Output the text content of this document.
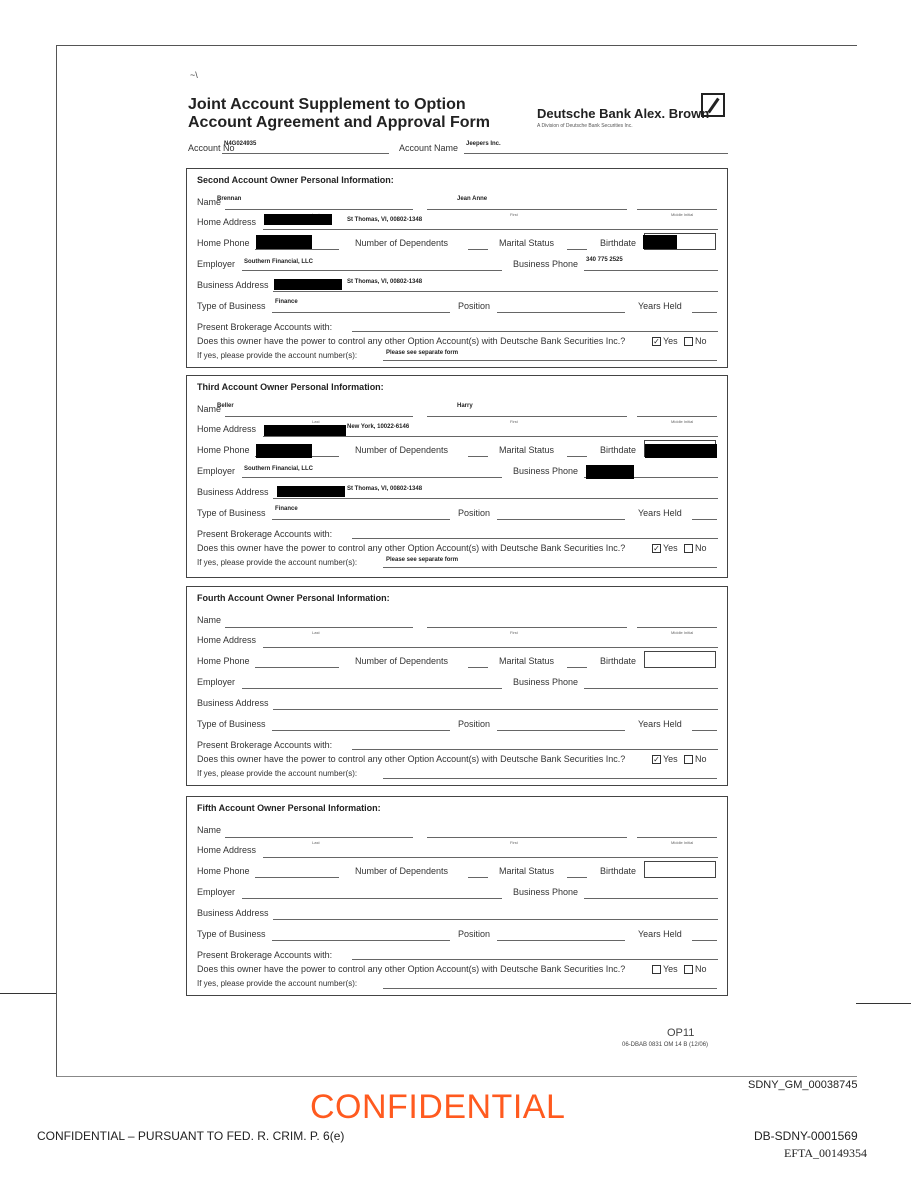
~\
Joint Account Supplement to Option
Account Agreement and Approval Form
Deutsche Bank Alex. Brown
A Division of Deutsche Bank Securities Inc.
Account No
N4G024935	Account Name Jeepers Inc.
Second Account Owner Personal Information:
Name
Brennan	Jean Anne
First	Middle Initial
Home Address	St Thomas, VI, 00802-1348
Home Phone	Number of Dependents	Marital Status	Birthdate
Employer Southern Financial, LLC	Business Phone 340 775 2525
Business Address	St Thomas, VI, 00802-1348
Type of Business Finance	Position	Years Held
Present Brokerage Accounts with:
Does this owner have the power to control any other Option Account(s) with Deutsche Bank Securities Inc.?	✓ Yes No
If yes, please provide the account number(s):	Please see separate form
Third Account Owner Personal Information:
Name
Beller	Harry
Last	First	Middle Initial
Home Address	New York, 10022-6146
Home Phone	Number of Dependents	Marital Status	Birthdate
Employer Southern Financial, LLC	Business Phone
Business Address	St Thomas, VI, 00802-1348
Type of Business Finance	Position	Years Held
Present Brokerage Accounts with:
Does this owner have the power to control any other Option Account(s) with Deutsche Bank Securities Inc.?	✓ Yes No
If yes, please provide the account number(s):	Please see separate form
Fourth Account Owner Personal Information:
Name
Last	First	Middle Initial
Home Address
Home Phone	Number of Dependents	Marital Status	Birthdate
Employer	Business Phone
Business Address
Type of Business	Position	Years Held
Present Brokerage Accounts with:
Does this owner have the power to control any other Option Account(s) with Deutsche Bank Securities Inc.?	✓ Yes No
If yes, please provide the account number(s):
Fifth Account Owner Personal Information:
Name
Last	First	Middle Initial
Home Address
Home Phone	Number of Dependents	Marital Status	Birthdate
Employer	Business Phone
Business Address
Type of Business	Position	Years Held
Present Brokerage Accounts with:
Does this owner have the power to control any other Option Account(s) with Deutsche Bank Securities Inc.?	Yes No
If yes, please provide the account number(s):
OP11
06-DBAB 0831 OM 14 B (12/06)
SDNY_GM_00038745
CONFIDENTIAL
CONFIDENTIAL – PURSUANT TO FED. R. CRIM. P. 6(e)	DB-SDNY-0001569
EFTA_00149354
